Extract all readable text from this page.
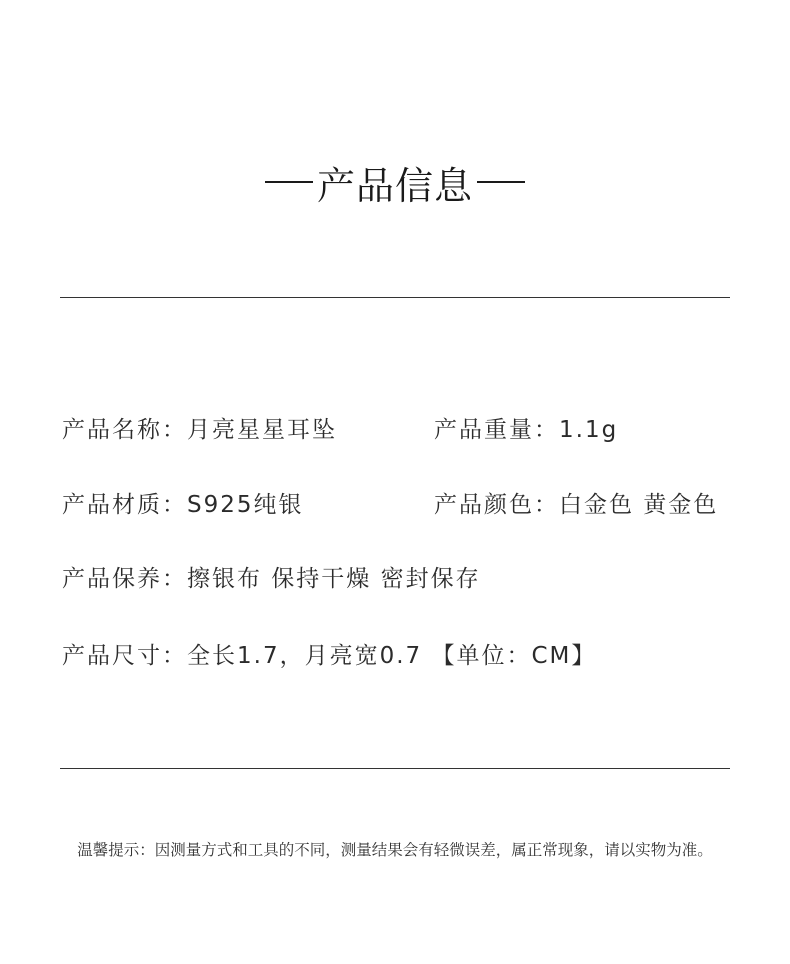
产品信息
产品名称：月亮星星耳坠	产品重量：1.1g
产品材质：S925纯银	产品颜色：白金色 黄金色
产品保养：擦银布 保持干燥 密封保存
产品尺寸：全长1.7，月亮宽0.7 【单位：CM】
温馨提示：因测量方式和工具的不同，测量结果会有轻微误差，属正常现象，请以实物为准。
